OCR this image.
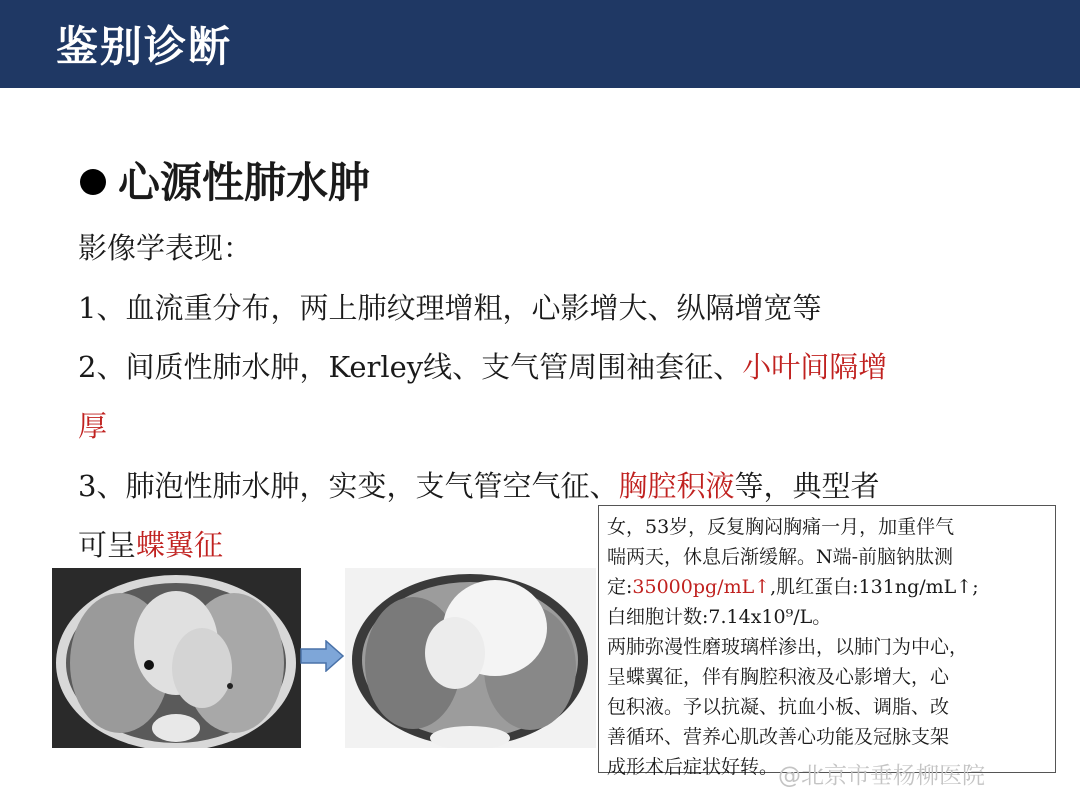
鉴别诊断
心源性肺水肿
影像学表现：
1、血流重分布，两上肺纹理增粗，心影增大、纵隔增宽等
2、间质性肺水肿，Kerley线、支气管周围袖套征、小叶间隔增
厚
3、肺泡性肺水肿，实变，支气管空气征、胸腔积液等，典型者
可呈蝶翼征

女，53岁，反复胸闷胸痛一月，加重伴气

喘两天，休息后渐缓解。N端-前脑钠肽测

定:35000pg/mL↑,肌红蛋白:131ng/mL↑;

白细胞计数:7.14x10⁹/L。

两肺弥漫性磨玻璃样渗出，以肺门为中心，

呈蝶翼征，伴有胸腔积液及心影增大，心

包积液。予以抗凝、抗血小板、调脂、改

善循环、营养心肌改善心功能及冠脉支架

成形术后症状好转。 @北京市垂杨柳医院
